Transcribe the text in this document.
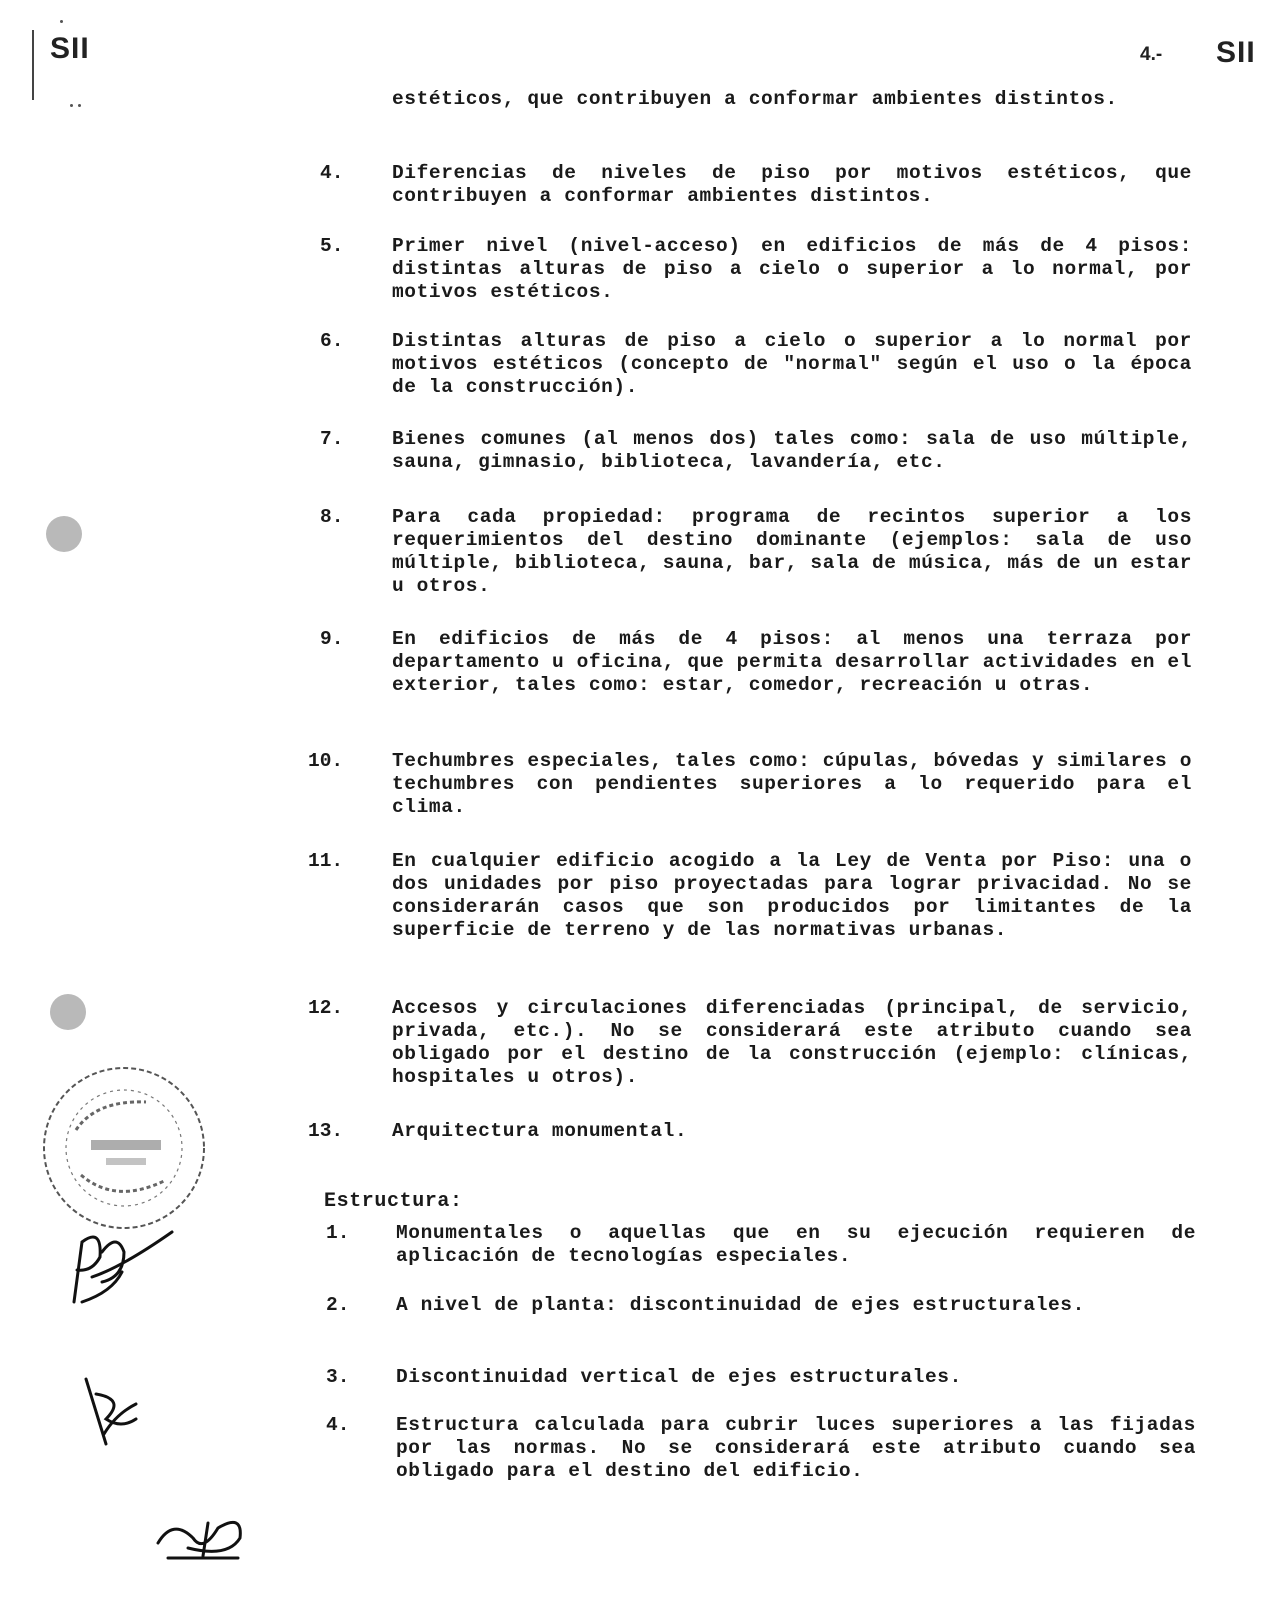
SII	4.- SII

estéticos, que contribuyen a conformar ambientes distintos.

4. Diferencias de niveles de piso por motivos estéticos, que contribuyen a conformar ambientes distintos.

5. Primer nivel (nivel-acceso) en edificios de más de 4 pisos: distintas alturas de piso a cielo o superior a lo normal, por motivos estéticos.

6. Distintas alturas de piso a cielo o superior a lo normal por motivos estéticos (concepto de "normal" según el uso o la época de la construcción).

7. Bienes comunes (al menos dos) tales como: sala de uso múltiple, sauna, gimnasio, biblioteca, lavandería, etc.

8. Para cada propiedad: programa de recintos superior a los requerimientos del destino dominante (ejemplos: sala de uso múltiple, biblioteca, sauna, bar, sala de música, más de un estar u otros.

9. En edificios de más de 4 pisos: al menos una terraza por departamento u oficina, que permita desarrollar actividades en el exterior, tales como: estar, comedor, recreación u otras.

10.	Techumbres especiales, tales como: cúpulas, bóvedas y similares o techumbres con pendientes superiores a lo requerido para el clima.

11.	En cualquier edificio acogido a la Ley de Venta por Piso: una o dos unidades por piso proyectadas para lograr privacidad. No se considerarán casos que son producidos por limitantes de la superficie de terreno y de las normativas urbanas.

12.	Accesos y circulaciones diferenciadas (principal, de servicio, privada, etc.). No se considerará este atributo cuando sea obligado por el destino de la construcción (ejemplo: clínicas, hospitales u otros).

13.	Arquitectura monumental.

Estructura:
1. Monumentales o aquellas que en su ejecución requieren de aplicación de tecnologías especiales.

2. A nivel de planta: discontinuidad de ejes estructurales.

3. Discontinuidad vertical de ejes estructurales.

4. Estructura calculada para cubrir luces superiores a las fijadas por las normas. No se considerará este atributo cuando sea obligado para el destino del edificio.
